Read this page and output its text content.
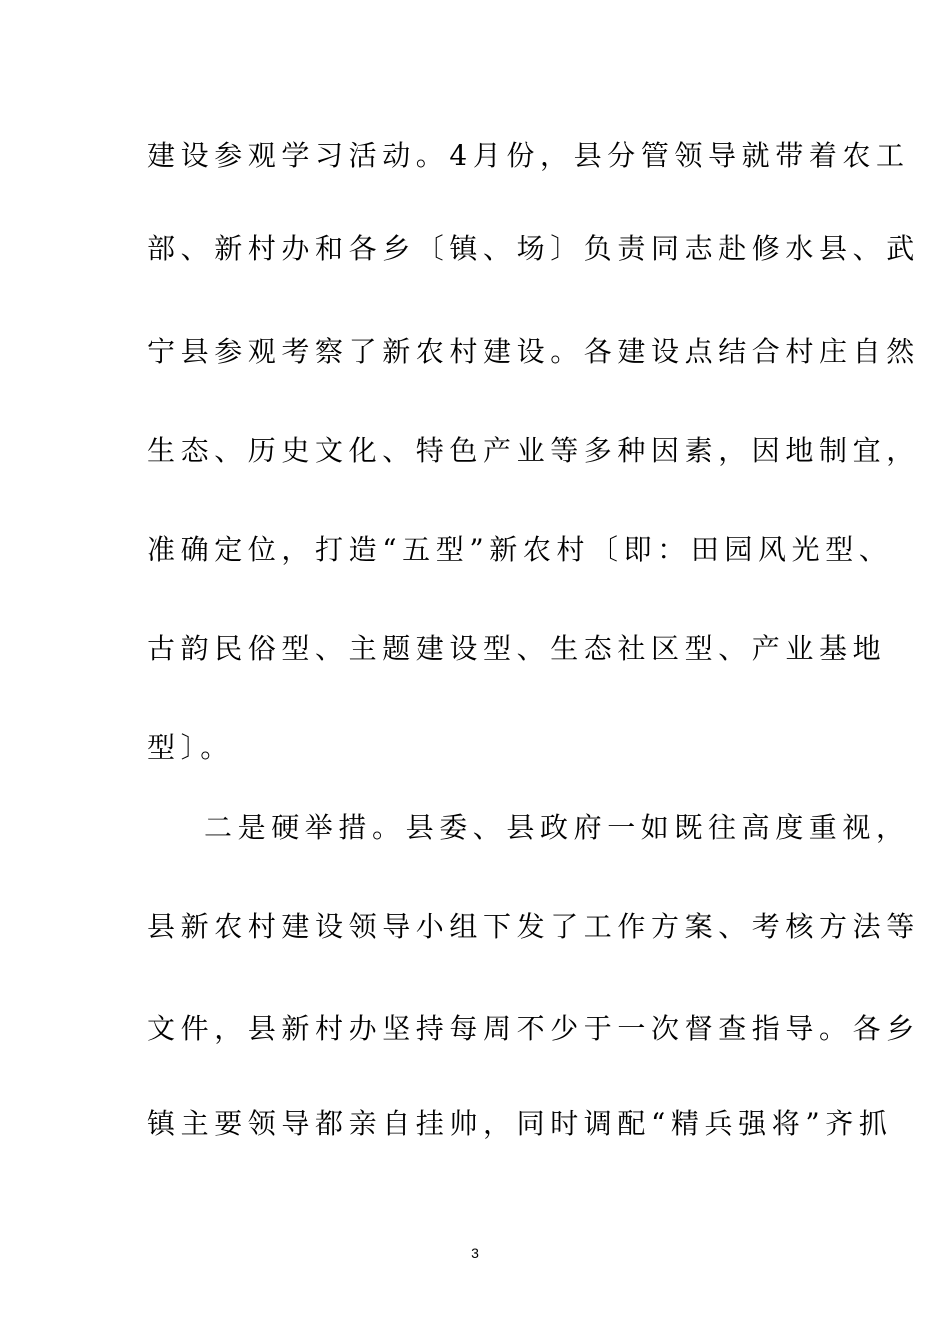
建设参观学习活动。4月份，县分管领导就带着农工
部、新村办和各乡〔镇、场〕负责同志赴修水县、武
宁县参观考察了新农村建设。各建设点结合村庄自然
生态、历史文化、特色产业等多种因素，因地制宜，
准确定位，打造“五型”新农村〔即：田园风光型、
古韵民俗型、主题建设型、生态社区型、产业基地
型〕。
二是硬举措。县委、县政府一如既往高度重视，
县新农村建设领导小组下发了工作方案、考核方法等
文件，县新村办坚持每周不少于一次督查指导。各乡
镇主要领导都亲自挂帅，同时调配“精兵强将”齐抓
3
